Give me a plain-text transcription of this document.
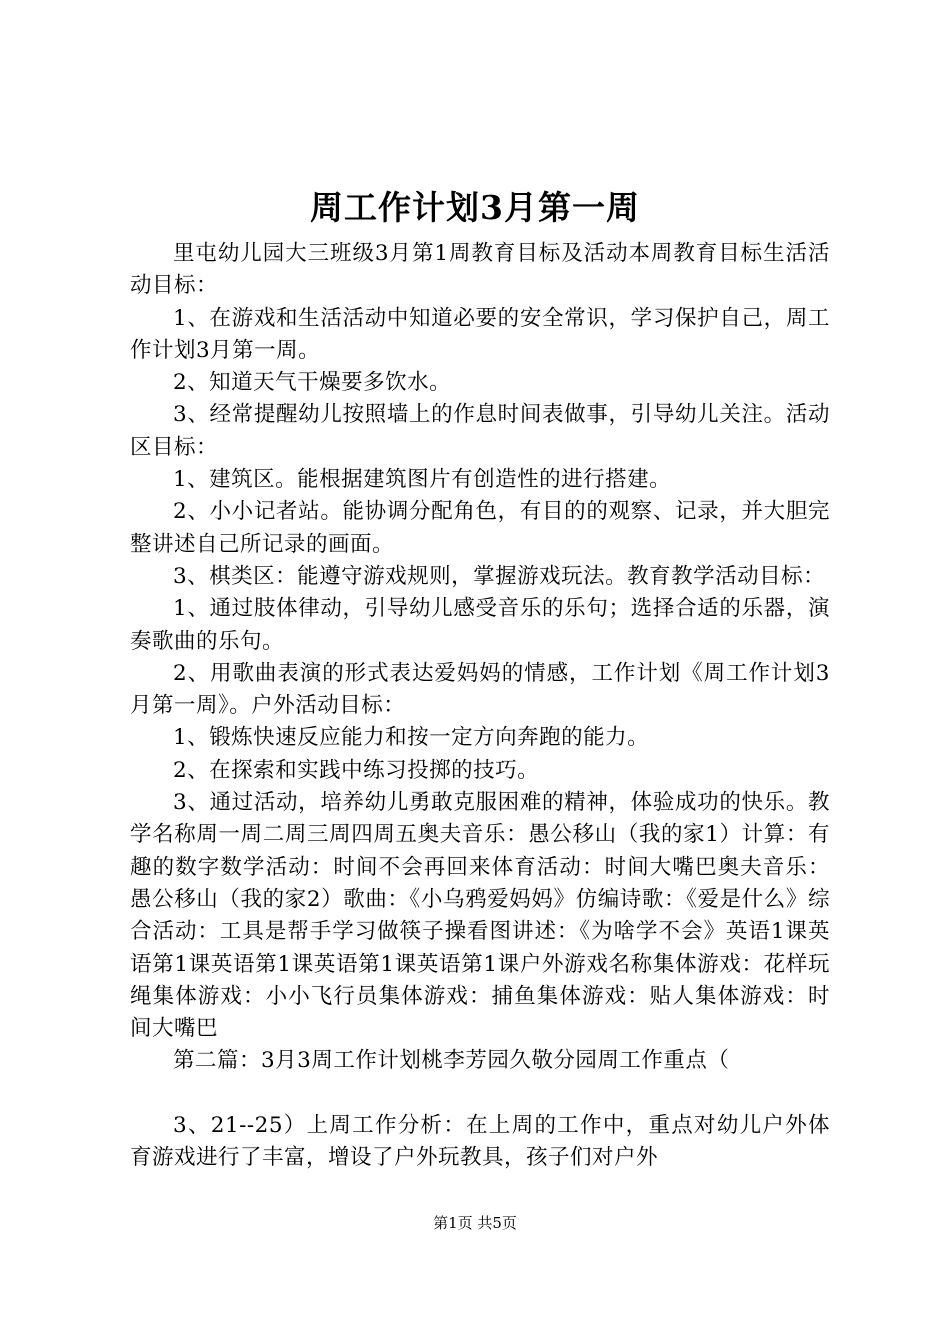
周工作计划3月第一周

里屯幼儿园大三班级3月第1周教育目标及活动本周教育目标生活活动目标：

1、在游戏和生活活动中知道必要的安全常识，学习保护自己，周工作计划3月第一周。

2、知道天气干燥要多饮水。

3、经常提醒幼儿按照墙上的作息时间表做事，引导幼儿关注。活动区目标：

1、建筑区。能根据建筑图片有创造性的进行搭建。

2、小小记者站。能协调分配角色，有目的的观察、记录，并大胆完整讲述自己所记录的画面。

3、棋类区：能遵守游戏规则，掌握游戏玩法。教育教学活动目标：

1、通过肢体律动，引导幼儿感受音乐的乐句；选择合适的乐器，演奏歌曲的乐句。

2、用歌曲表演的形式表达爱妈妈的情感，工作计划《周工作计划3月第一周》。户外活动目标：

1、锻炼快速反应能力和按一定方向奔跑的能力。

2、在探索和实践中练习投掷的技巧。

3、通过活动，培养幼儿勇敢克服困难的精神，体验成功的快乐。教学名称周一周二周三周四周五奥夫音乐：愚公移山（我的家1）计算：有趣的数字数学活动：时间不会再回来体育活动：时间大嘴巴奥夫音乐：愚公移山（我的家2）歌曲：《小乌鸦爱妈妈》仿编诗歌：《爱是什么》综合活动：工具是帮手学习做筷子操看图讲述：《为啥学不会》英语1课英语第1课英语第1课英语第1课英语第1课户外游戏名称集体游戏：花样玩绳集体游戏：小小飞行员集体游戏：捕鱼集体游戏：贴人集体游戏：时间大嘴巴

第二篇：3月3周工作计划桃李芳园久敬分园周工作重点（

3、21--25）上周工作分析：在上周的工作中，重点对幼儿户外体育游戏进行了丰富，增设了户外玩教具，孩子们对户外

第1页 共5页
